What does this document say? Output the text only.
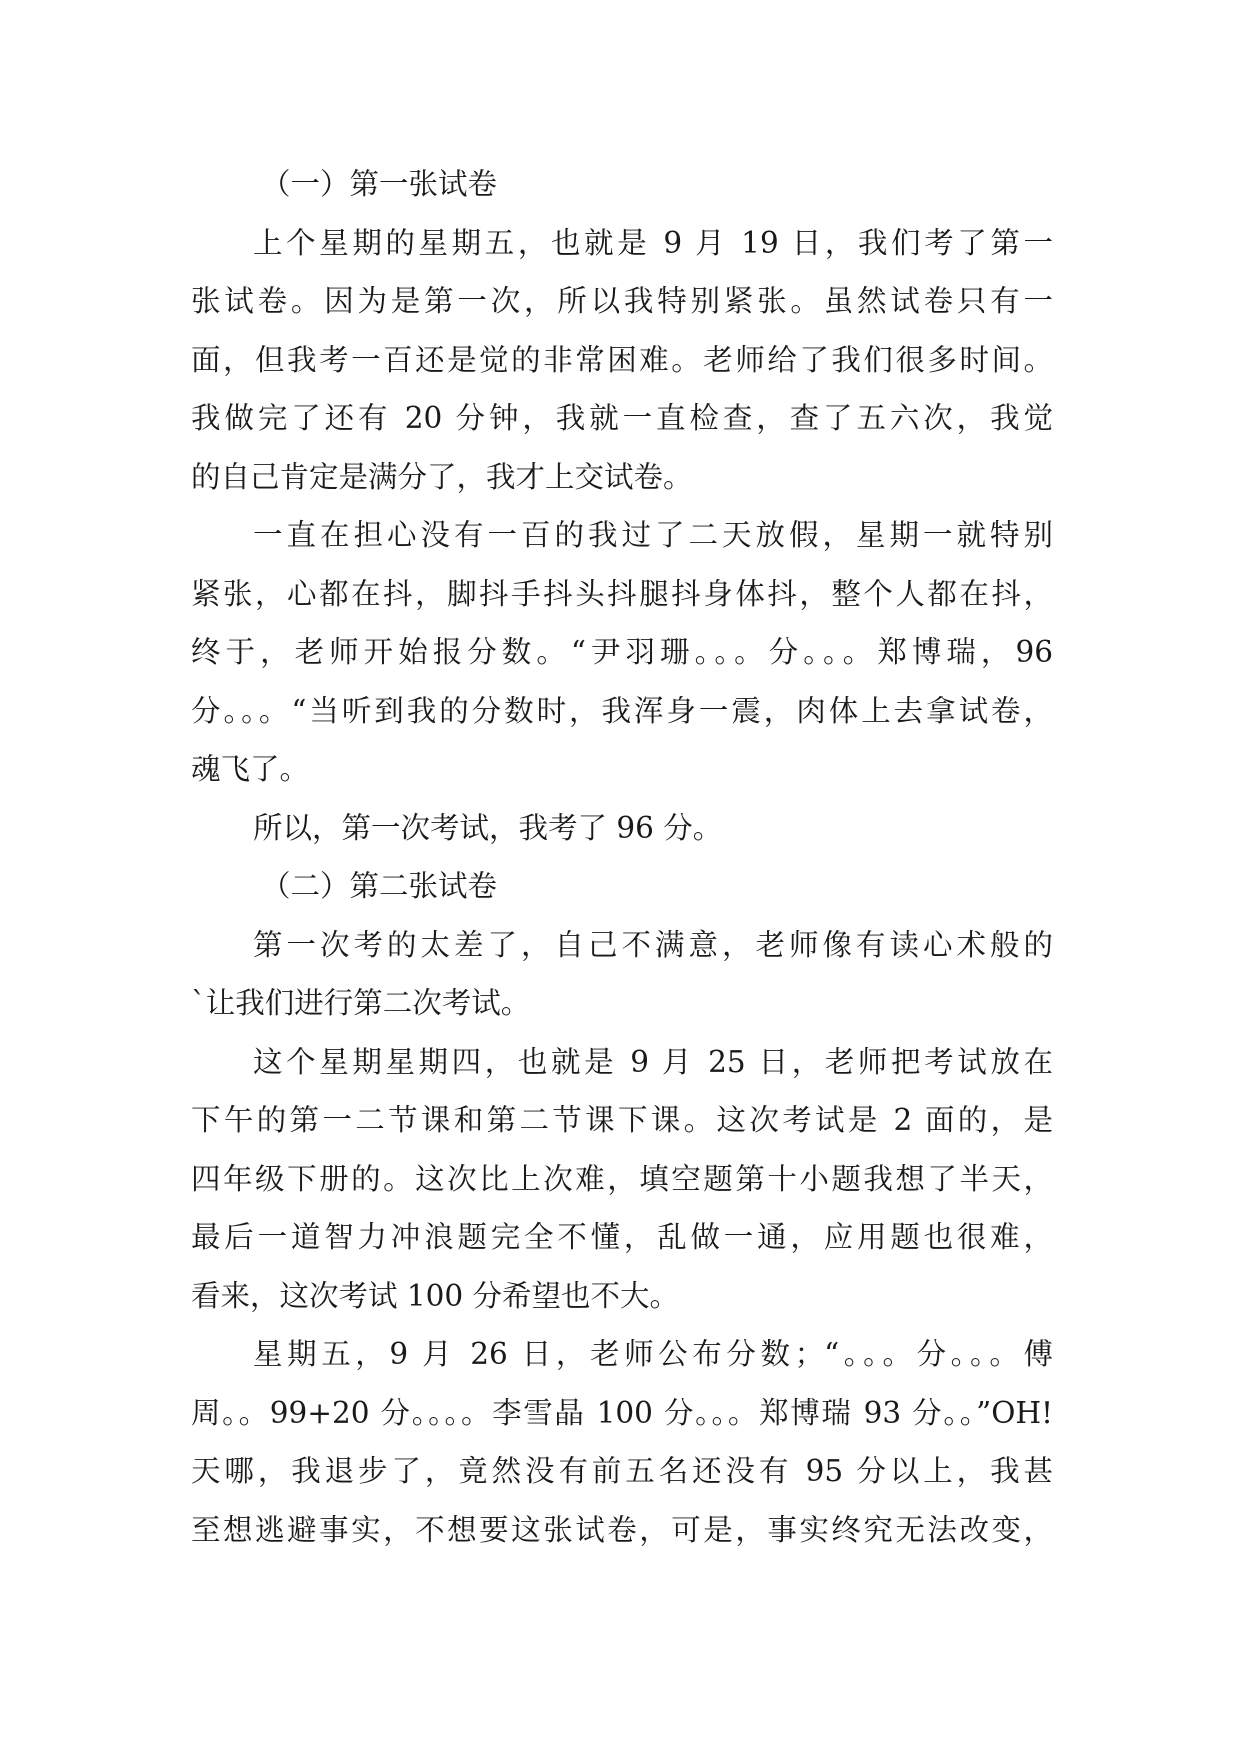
（一）第一张试卷
上个星期的星期五，也就是 9 月 19 日，我们考了第一
张试卷。因为是第一次，所以我特别紧张。虽然试卷只有一
面，但我考一百还是觉的非常困难。老师给了我们很多时间。
我做完了还有 20 分钟，我就一直检查，查了五六次，我觉
的自己肯定是满分了，我才上交试卷。
一直在担心没有一百的我过了二天放假，星期一就特别
紧张，心都在抖，脚抖手抖头抖腿抖身体抖，整个人都在抖，
终于，老师开始报分数。“尹羽珊。。。分。。。郑博瑞，96
分。。。“当听到我的分数时，我浑身一震，肉体上去拿试卷，
魂飞了。
所以，第一次考试，我考了 96 分。
（二）第二张试卷
第一次考的太差了，自己不满意，老师像有读心术般的
`让我们进行第二次考试。
这个星期星期四，也就是 9 月 25 日，老师把考试放在
下午的第一二节课和第二节课下课。这次考试是 2 面的，是
四年级下册的。这次比上次难，填空题第十小题我想了半天，
最后一道智力冲浪题完全不懂，乱做一通，应用题也很难，
看来，这次考试 100 分希望也不大。
星期五，9 月 26 日，老师公布分数；“。。。分。。。傅
周。。99+20 分。。。。李雪晶 100 分。。。郑博瑞 93 分。。”OH!
天哪，我退步了，竟然没有前五名还没有 95 分以上，我甚
至想逃避事实，不想要这张试卷，可是，事实终究无法改变，
